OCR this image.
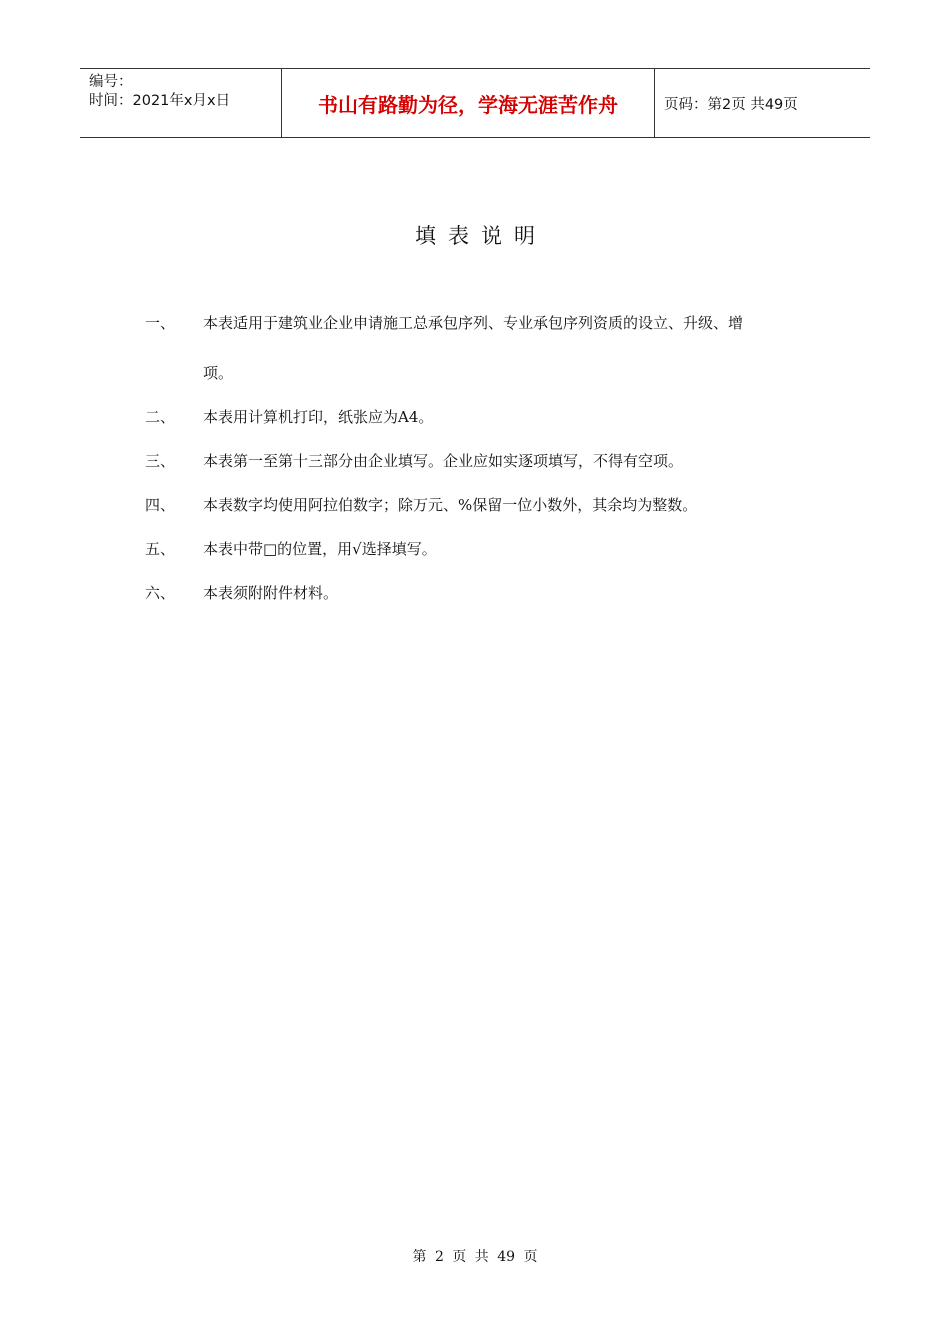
编号：
时间：2021年x月x日	书山有路勤为径，学海无涯苦作舟	页码：第2页 共49页
填表说明
一、	本表适用于建筑业企业申请施工总承包序列、专业承包序列资质的设立、升级、增
项。
二、	本表用计算机打印，纸张应为A4。
三、	本表第一至第十三部分由企业填写。企业应如实逐项填写，不得有空项。
四、	本表数字均使用阿拉伯数字；除万元、%保留一位小数外，其余均为整数。
五、	本表中带□的位置，用√选择填写。
六、	本表须附附件材料。
第 2 页 共 49 页
